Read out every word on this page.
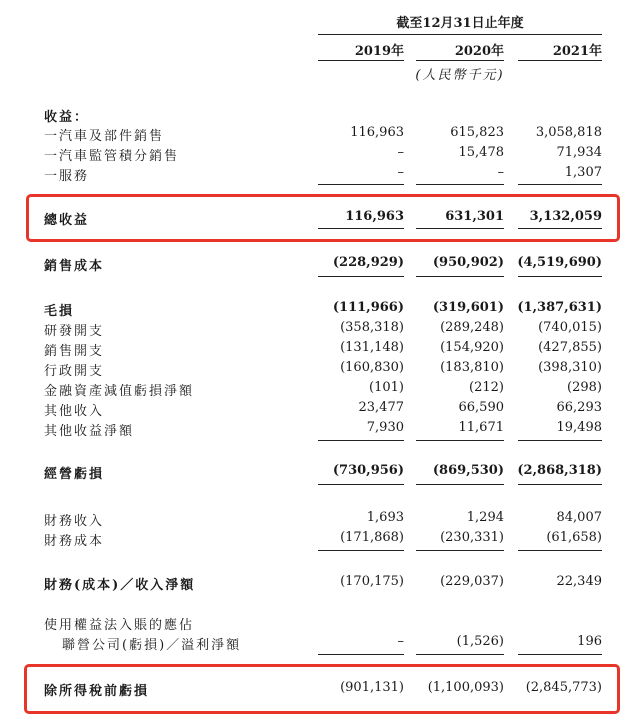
截至12月31日止年度
2019年	2020年	2021年
(人民幣千元)
收益：
一汽車及部件銷售	116,963	615,823	3,058,818
一汽車監管積分銷售	–	15,478	71,934
一服務	–	–	1,307
總收益	116,963	631,301	3,132,059
銷售成本	(228,929)	(950,902)	(4,519,690)
毛損	(111,966)	(319,601)	(1,387,631)
研發開支	(358,318)	(289,248)	(740,015)
銷售開支	(131,148)	(154,920)	(427,855)
行政開支	(160,830)	(183,810)	(398,310)
金融資產減值虧損淨額	(101)	(212)	(298)
其他收入	23,477	66,590	66,293
其他收益淨額	7,930	11,671	19,498
經營虧損	(730,956)	(869,530)	(2,868,318)
財務收入	1,693	1,294	84,007
財務成本	(171,868)	(230,331)	(61,658)
財務(成本)／收入淨額	(170,175)	(229,037)	22,349
使用權益法入賬的應佔
聯營公司(虧損)／溢利淨額	–	(1,526)	196
除所得稅前虧損	(901,131)	(1,100,093)	(2,845,773)
